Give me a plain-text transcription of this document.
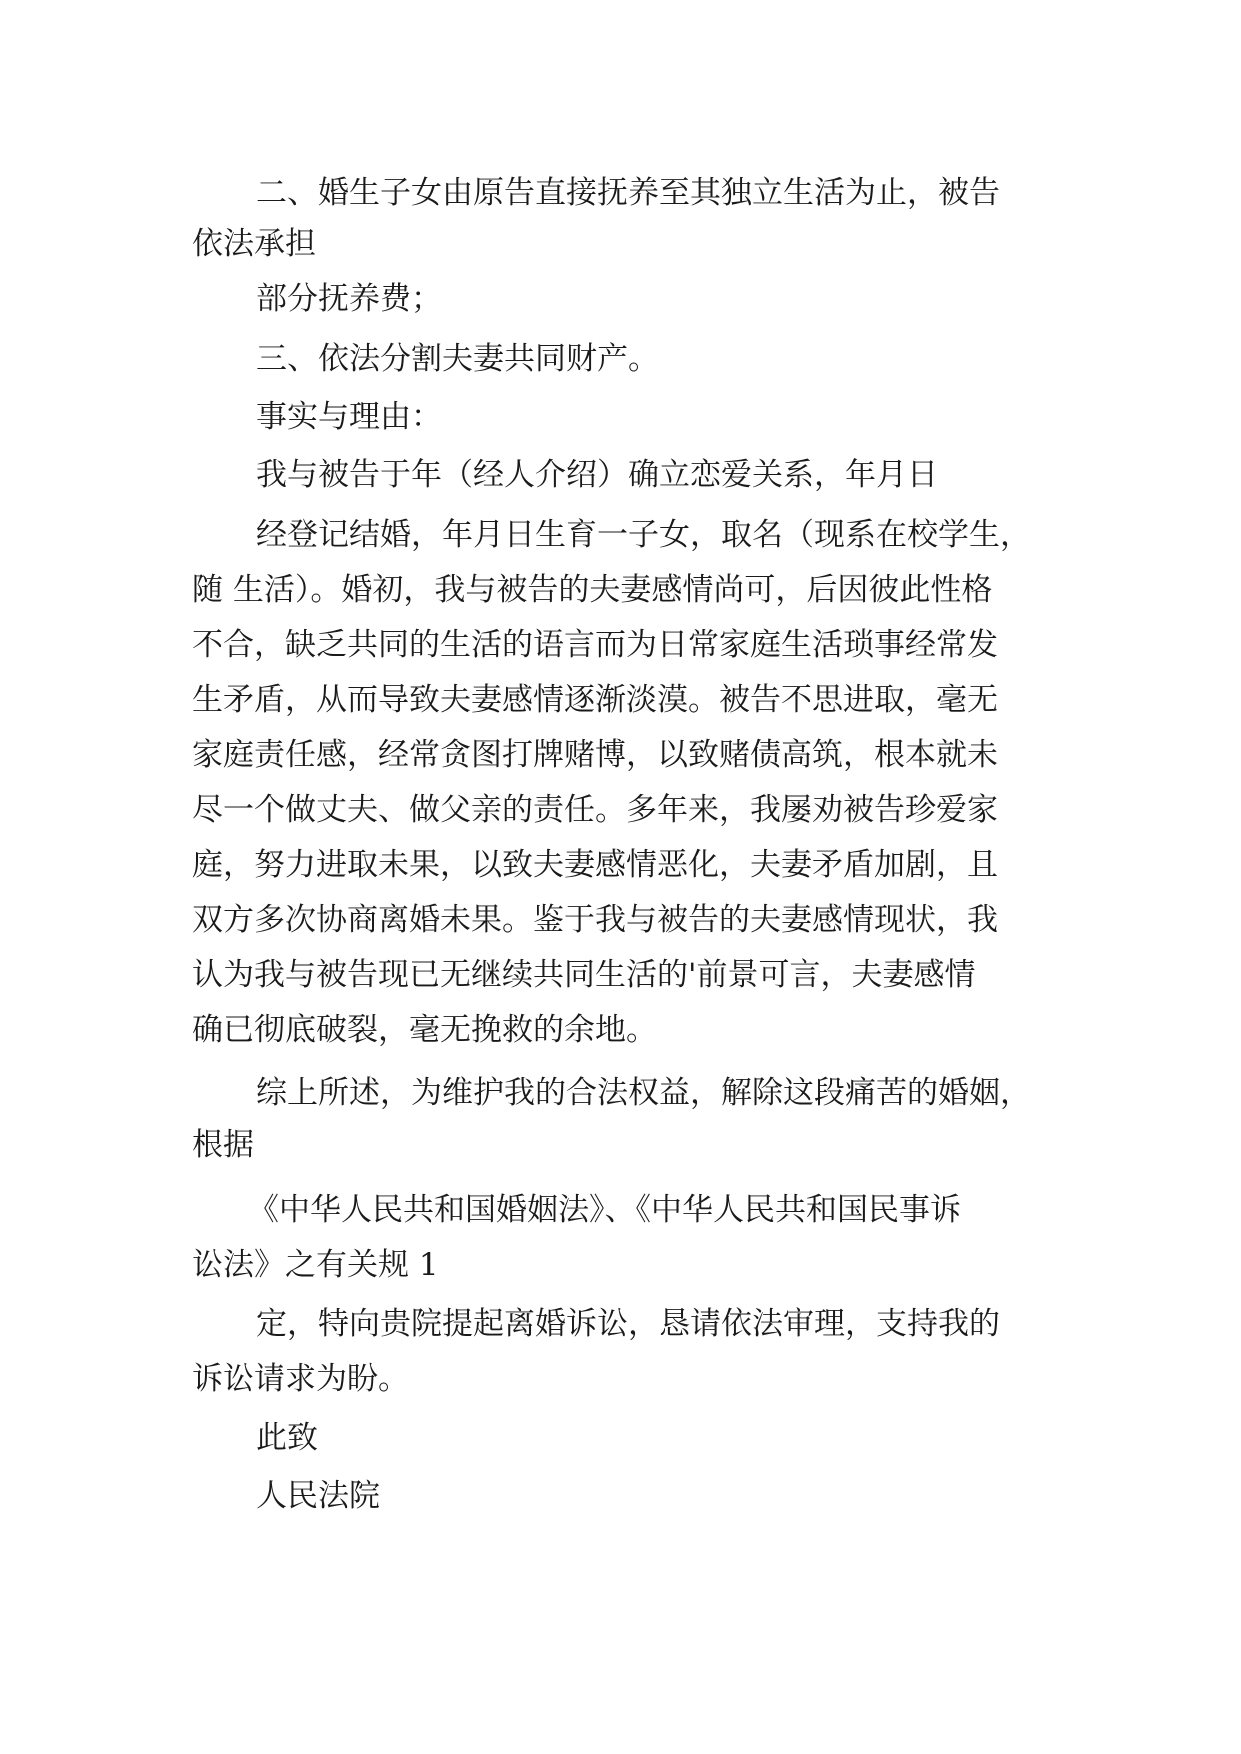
二、婚生子女由原告直接抚养至其独立生活为止，被告
依法承担
部分抚养费；
三、依法分割夫妻共同财产。
事实与理由：
我与被告于年（经人介绍）确立恋爱关系，年月日
经登记结婚，年月日生育一子女，取名（现系在校学生，
随 生活）。婚初，我与被告的夫妻感情尚可，后因彼此性格
不合，缺乏共同的生活的语言而为日常家庭生活琐事经常发
生矛盾，从而导致夫妻感情逐渐淡漠。被告不思进取，毫无
家庭责任感，经常贪图打牌赌博，以致赌债高筑，根本就未
尽一个做丈夫、做父亲的责任。多年来，我屡劝被告珍爱家
庭，努力进取未果，以致夫妻感情恶化，夫妻矛盾加剧，且
双方多次协商离婚未果。鉴于我与被告的夫妻感情现状，我
认为我与被告现已无继续共同生活的'前景可言，夫妻感情
确已彻底破裂，毫无挽救的余地。
综上所述，为维护我的合法权益，解除这段痛苦的婚姻，
根据
《中华人民共和国婚姻法》、《中华人民共和国民事诉
讼法》之有关规 1
定，特向贵院提起离婚诉讼，恳请依法审理，支持我的
诉讼请求为盼。
此致
人民法院
